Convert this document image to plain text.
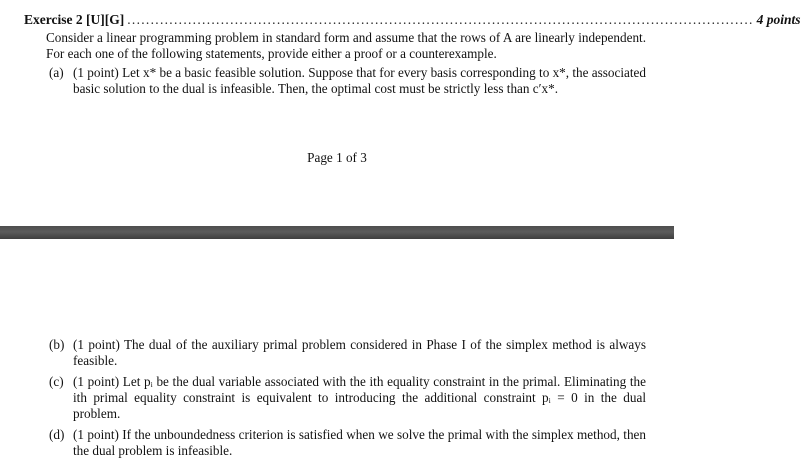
Exercise 2 [U][G] ...................................................................................................................................... 4 points
Consider a linear programming problem in standard form and assume that the rows of A are linearly independent. For each one of the following statements, provide either a proof or a counterexample.
(a) (1 point) Let x* be a basic feasible solution. Suppose that for every basis corresponding to x*, the associated basic solution to the dual is infeasible. Then, the optimal cost must be strictly less than c′x*.
Page 1 of 3
(b) (1 point) The dual of the auxiliary primal problem considered in Phase I of the simplex method is always feasible.
(c) (1 point) Let pᵢ be the dual variable associated with the ith equality constraint in the primal. Eliminating the ith primal equality constraint is equivalent to introducing the additional constraint pᵢ = 0 in the dual problem.
(d) (1 point) If the unboundedness criterion is satisfied when we solve the primal with the simplex method, then the dual problem is infeasible.
